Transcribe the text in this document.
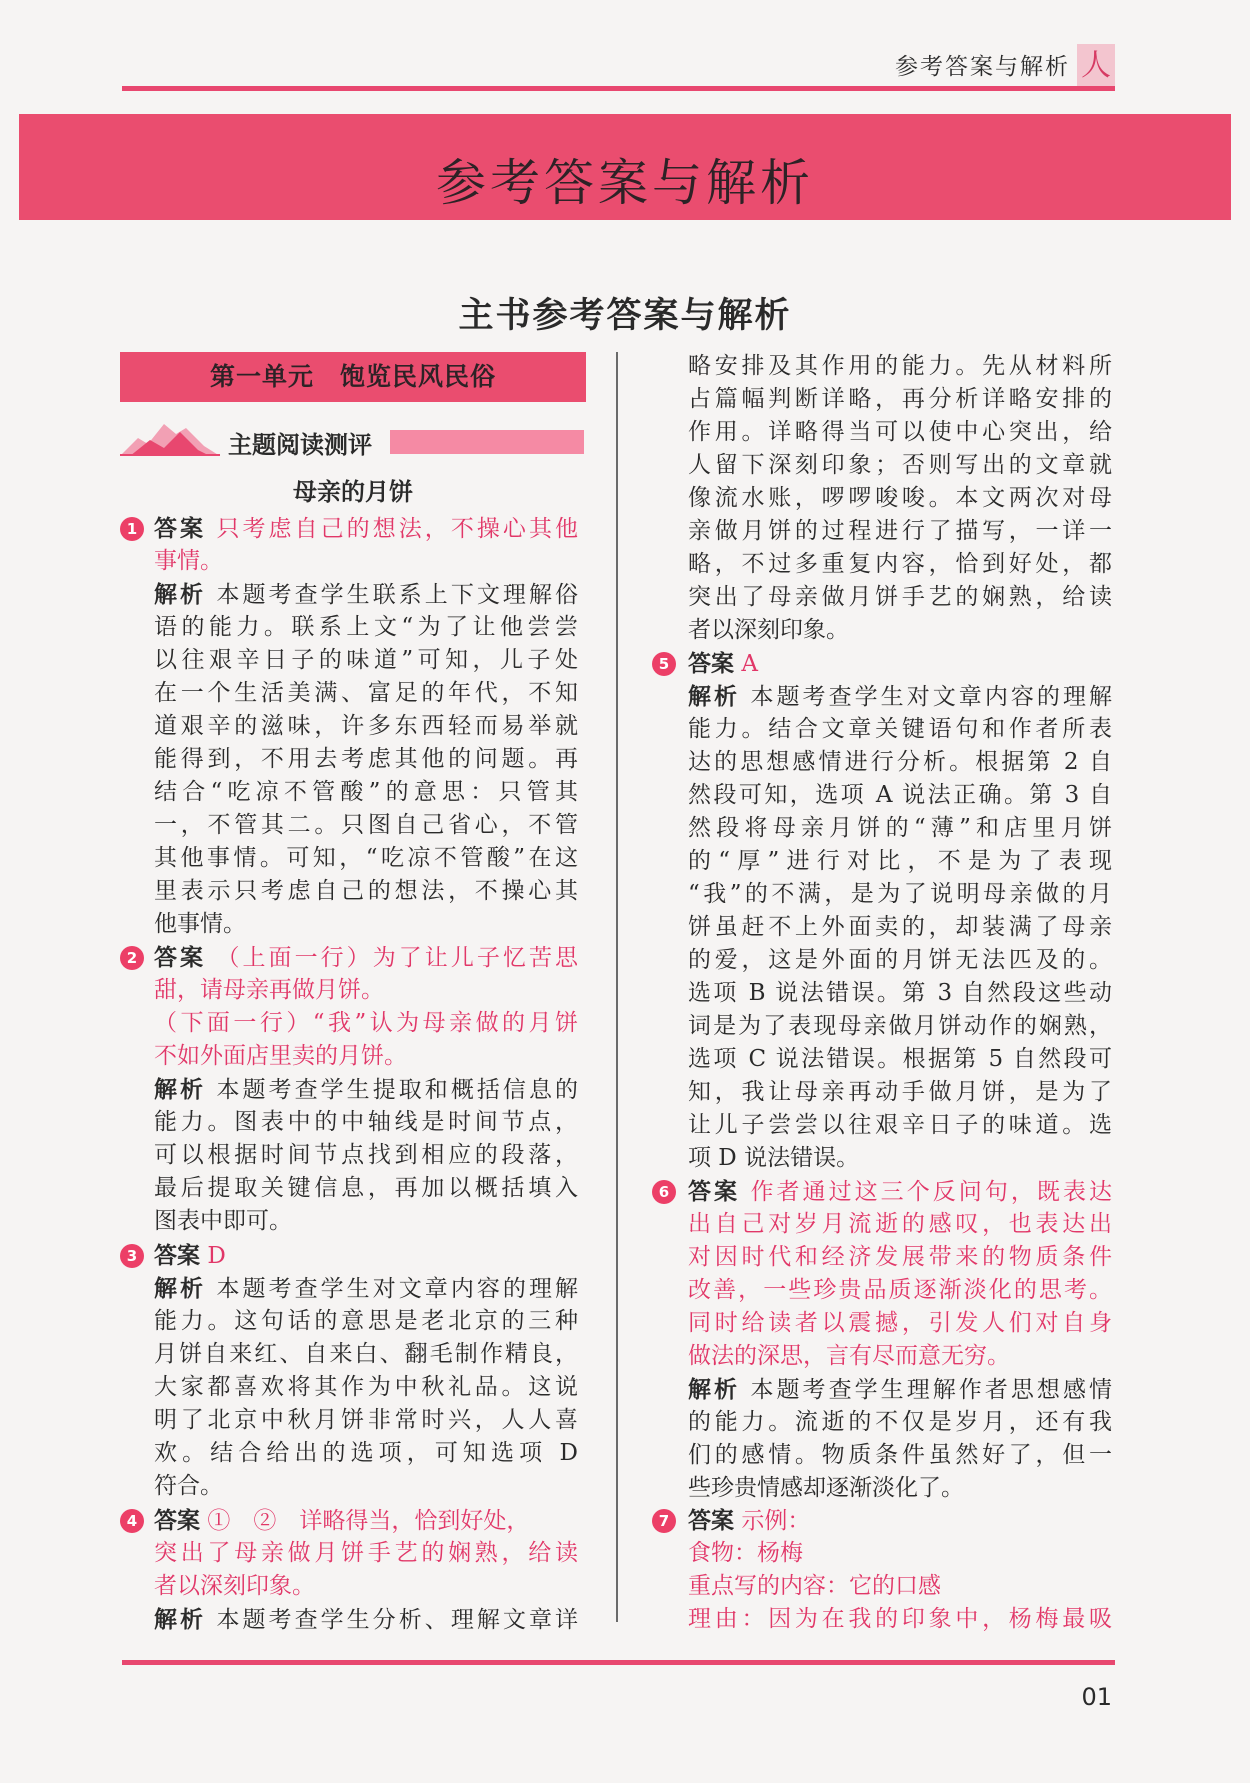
参考答案与解析 人
参考答案与解析
主书参考答案与解析
第一单元　饱览民风民俗
主题阅读测评
母亲的月饼
1 答案 只考虑自己的想法，不操心其他
事情。
解析 本题考查学生联系上下文理解俗
语的能力。联系上文“为了让他尝尝
以往艰辛日子的味道”可知，儿子处
在一个生活美满、富足的年代，不知
道艰辛的滋味，许多东西轻而易举就
能得到，不用去考虑其他的问题。再
结合“吃凉不管酸”的意思：只管其
一，不管其二。只图自己省心，不管
其他事情。可知，“吃凉不管酸”在这
里表示只考虑自己的想法，不操心其
他事情。
2 答案 （上面一行）为了让儿子忆苦思
甜，请母亲再做月饼。
（下面一行）“我”认为母亲做的月饼
不如外面店里卖的月饼。
解析 本题考查学生提取和概括信息的
能力。图表中的中轴线是时间节点，
可以根据时间节点找到相应的段落，
最后提取关键信息，再加以概括填入
图表中即可。
3 答案 D
解析 本题考查学生对文章内容的理解
能力。这句话的意思是老北京的三种
月饼自来红、自来白、翻毛制作精良，
大家都喜欢将其作为中秋礼品。这说
明了北京中秋月饼非常时兴，人人喜
欢。结合给出的选项，可知选项 D
符合。
4 答案 ①　②　详略得当，恰到好处，
突出了母亲做月饼手艺的娴熟，给读
者以深刻印象。
解析 本题考查学生分析、理解文章详
略安排及其作用的能力。先从材料所
占篇幅判断详略，再分析详略安排的
作用。详略得当可以使中心突出，给
人留下深刻印象；否则写出的文章就
像流水账，啰啰唆唆。本文两次对母
亲做月饼的过程进行了描写，一详一
略，不过多重复内容，恰到好处，都
突出了母亲做月饼手艺的娴熟，给读
者以深刻印象。
5 答案 A
解析 本题考查学生对文章内容的理解
能力。结合文章关键语句和作者所表
达的思想感情进行分析。根据第 2 自
然段可知，选项 A 说法正确。第 3 自
然段将母亲月饼的“薄”和店里月饼
的“厚”进行对比，不是为了表现
“我”的不满，是为了说明母亲做的月
饼虽赶不上外面卖的，却装满了母亲
的爱，这是外面的月饼无法匹及的。
选项 B 说法错误。第 3 自然段这些动
词是为了表现母亲做月饼动作的娴熟，
选项 C 说法错误。根据第 5 自然段可
知，我让母亲再动手做月饼，是为了
让儿子尝尝以往艰辛日子的味道。选
项 D 说法错误。
6 答案 作者通过这三个反问句，既表达
出自己对岁月流逝的感叹，也表达出
对因时代和经济发展带来的物质条件
改善，一些珍贵品质逐渐淡化的思考。
同时给读者以震撼，引发人们对自身
做法的深思，言有尽而意无穷。
解析 本题考查学生理解作者思想感情
的能力。流逝的不仅是岁月，还有我
们的感情。物质条件虽然好了，但一
些珍贵情感却逐渐淡化了。
7 答案 示例：
食物：杨梅
重点写的内容：它的口感
理由：因为在我的印象中，杨梅最吸
01
